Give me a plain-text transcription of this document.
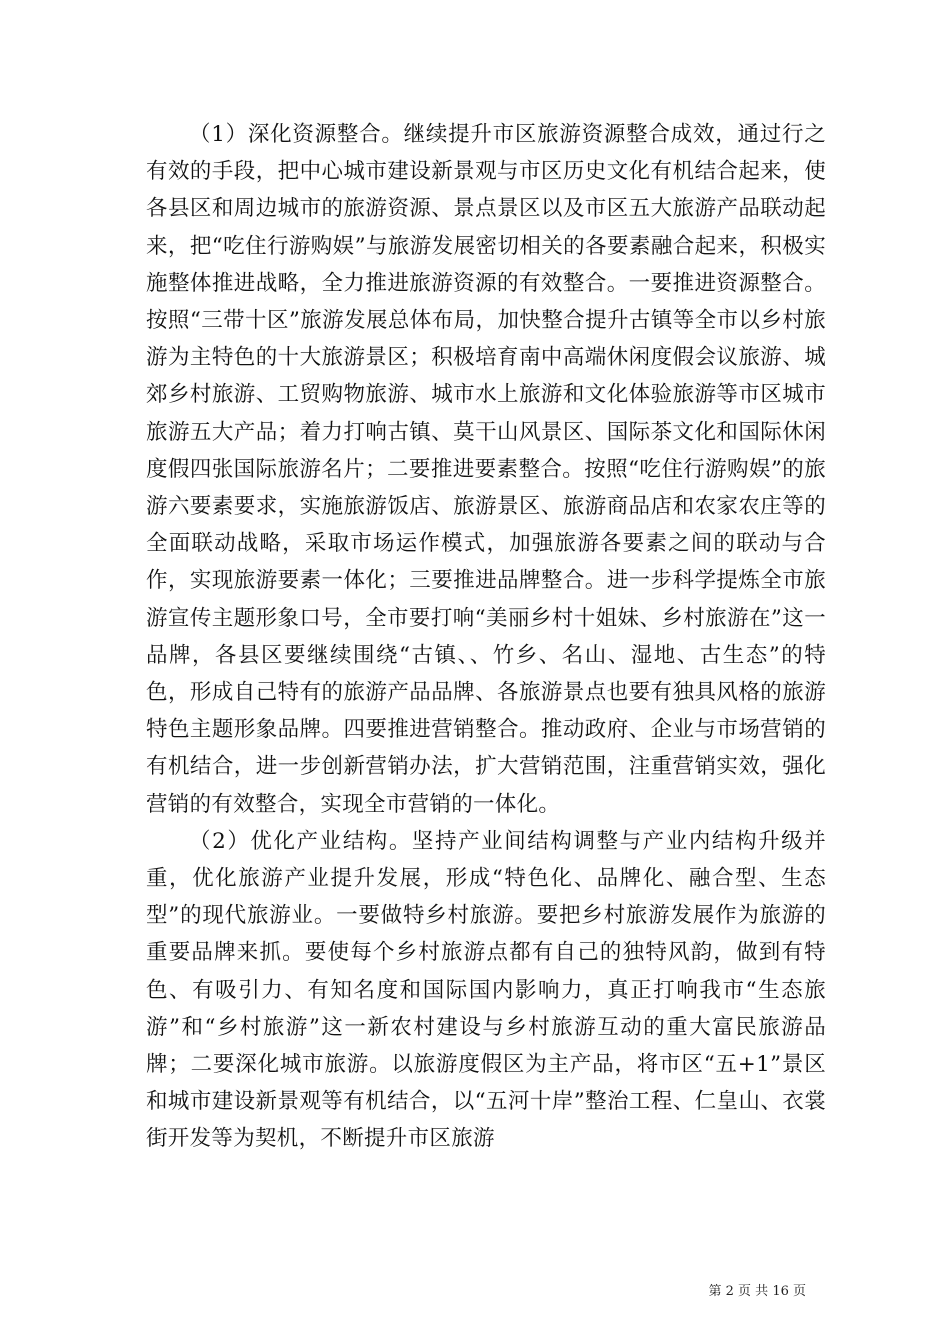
（1）深化资源整合。继续提升市区旅游资源整合成效，通过行之有效的手段，把中心城市建设新景观与市区历史文化有机结合起来，使各县区和周边城市的旅游资源、景点景区以及市区五大旅游产品联动起来，把“吃住行游购娱”与旅游发展密切相关的各要素融合起来，积极实施整体推进战略，全力推进旅游资源的有效整合。一要推进资源整合。按照“三带十区”旅游发展总体布局，加快整合提升古镇等全市以乡村旅游为主特色的十大旅游景区；积极培育南中高端休闲度假会议旅游、城郊乡村旅游、工贸购物旅游、城市水上旅游和文化体验旅游等市区城市旅游五大产品；着力打响古镇、莫干山风景区、国际茶文化和国际休闲度假四张国际旅游名片；二要推进要素整合。按照“吃住行游购娱”的旅游六要素要求，实施旅游饭店、旅游景区、旅游商品店和农家农庄等的全面联动战略，采取市场运作模式，加强旅游各要素之间的联动与合作，实现旅游要素一体化；三要推进品牌整合。进一步科学提炼全市旅游宣传主题形象口号，全市要打响“美丽乡村十姐妹、乡村旅游在”这一品牌，各县区要继续围绕“古镇、、竹乡、名山、湿地、古生态”的特色，形成自己特有的旅游产品品牌、各旅游景点也要有独具风格的旅游特色主题形象品牌。四要推进营销整合。推动政府、企业与市场营销的有机结合，进一步创新营销办法，扩大营销范围，注重营销实效，强化营销的有效整合，实现全市营销的一体化。

（2）优化产业结构。坚持产业间结构调整与产业内结构升级并重，优化旅游产业提升发展，形成“特色化、品牌化、融合型、生态型”的现代旅游业。一要做特乡村旅游。要把乡村旅游发展作为旅游的重要品牌来抓。要使每个乡村旅游点都有自己的独特风韵，做到有特色、有吸引力、有知名度和国际国内影响力，真正打响我市“生态旅游”和“乡村旅游”这一新农村建设与乡村旅游互动的重大富民旅游品牌；二要深化城市旅游。以旅游度假区为主产品，将市区“五+1”景区和城市建设新景观等有机结合，以“五河十岸”整治工程、仁皇山、衣裳街开发等为契机，不断提升市区旅游

第 2 页 共 16 页
